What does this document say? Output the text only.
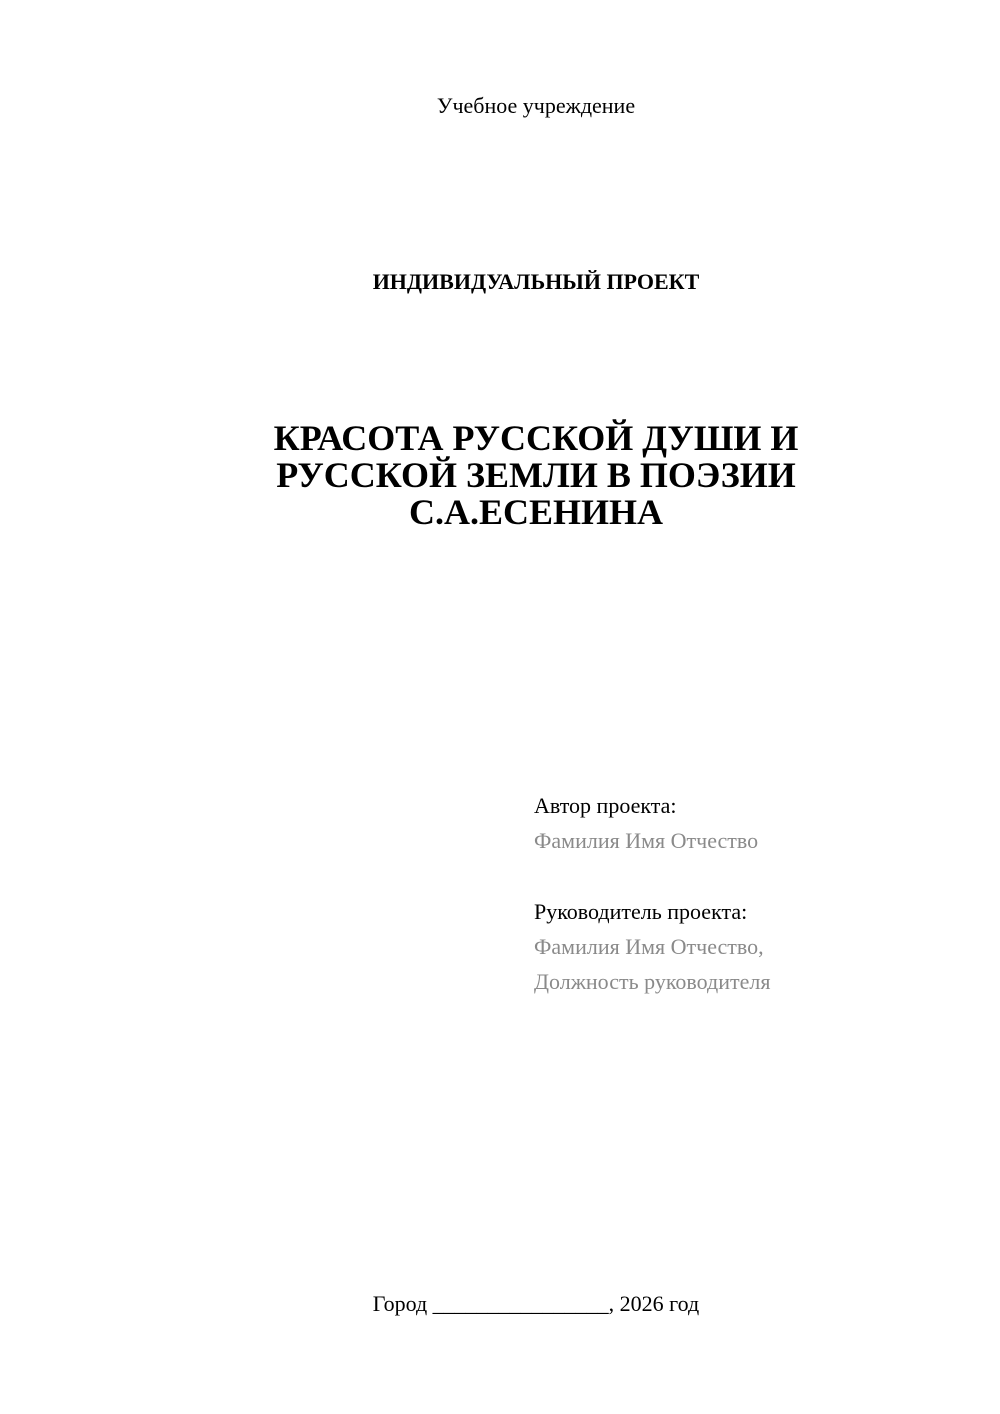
Учебное учреждение
ИНДИВИДУАЛЬНЫЙ ПРОЕКТ
КРАСОТА РУССКОЙ ДУШИ И
РУССКОЙ ЗЕМЛИ В ПОЭЗИИ
С.А.ЕСЕНИНА
Автор проекта:
Фамилия Имя Отчество
Руководитель проекта:
Фамилия Имя Отчество,
Должность руководителя
Город ________________, 2026 год
